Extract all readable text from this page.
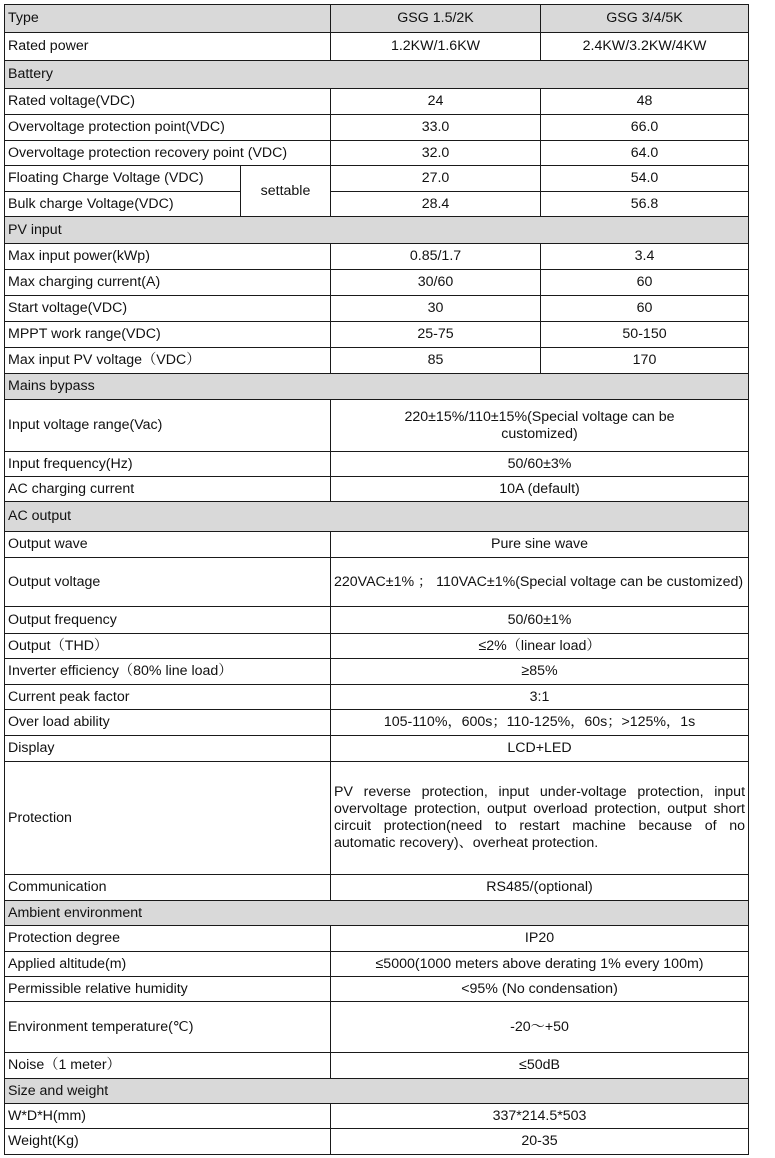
Type		GSG 1.5/2K	GSG 3/4/5K
Rated power		1.2KW/1.6KW	2.4KW/3.2KW/4KW
Battery			
Rated voltage(VDC)		24	48
Overvoltage protection point(VDC)		33.0	66.0
Overvoltage protection recovery point (VDC)		32.0	64.0
Floating Charge Voltage (VDC)	settable	27.0	54.0
Bulk charge Voltage(VDC)		28.4	56.8
PV input			
Max input power(kWp)		0.85/1.7	3.4
Max charging current(A)		30/60	60
Start voltage(VDC)		30	60
MPPT work range(VDC)		25-75	50-150
Max input PV voltage（VDC）		85	170
Mains bypass			
Input voltage range(Vac)		220±15%/110±15%(Special voltage can be customized)	
Input frequency(Hz)		50/60±3%	
AC charging current		10A (default)	
AC output			
Output wave		Pure sine wave	
Output voltage		220VAC±1% ； 110VAC±1%(Special voltage can be customized)	
Output frequency		50/60±1%	
Output（THD）		≤2%（linear load）	
Inverter efficiency（80% line load）		≥85%	
Current peak factor		3:1	
Over load ability		105-110%，600s；110-125%，60s；>125%，1s	
Display		LCD+LED	
Protection		PV reverse protection, input under-voltage protection, input overvoltage protection, output overload protection, output short circuit protection(need to restart machine because of no automatic recovery)、overheat protection.	
Communication		RS485/(optional)	
Ambient environment			
Protection degree		IP20	
Applied altitude(m)		≤5000(1000 meters above derating 1% every 100m)	
Permissible relative humidity		<95% (No condensation)	
Environment temperature(℃)		-20～+50	
Noise（1 meter）		≤50dB	
Size and weight			
W*D*H(mm)		337*214.5*503	
Weight(Kg)		20-35	
